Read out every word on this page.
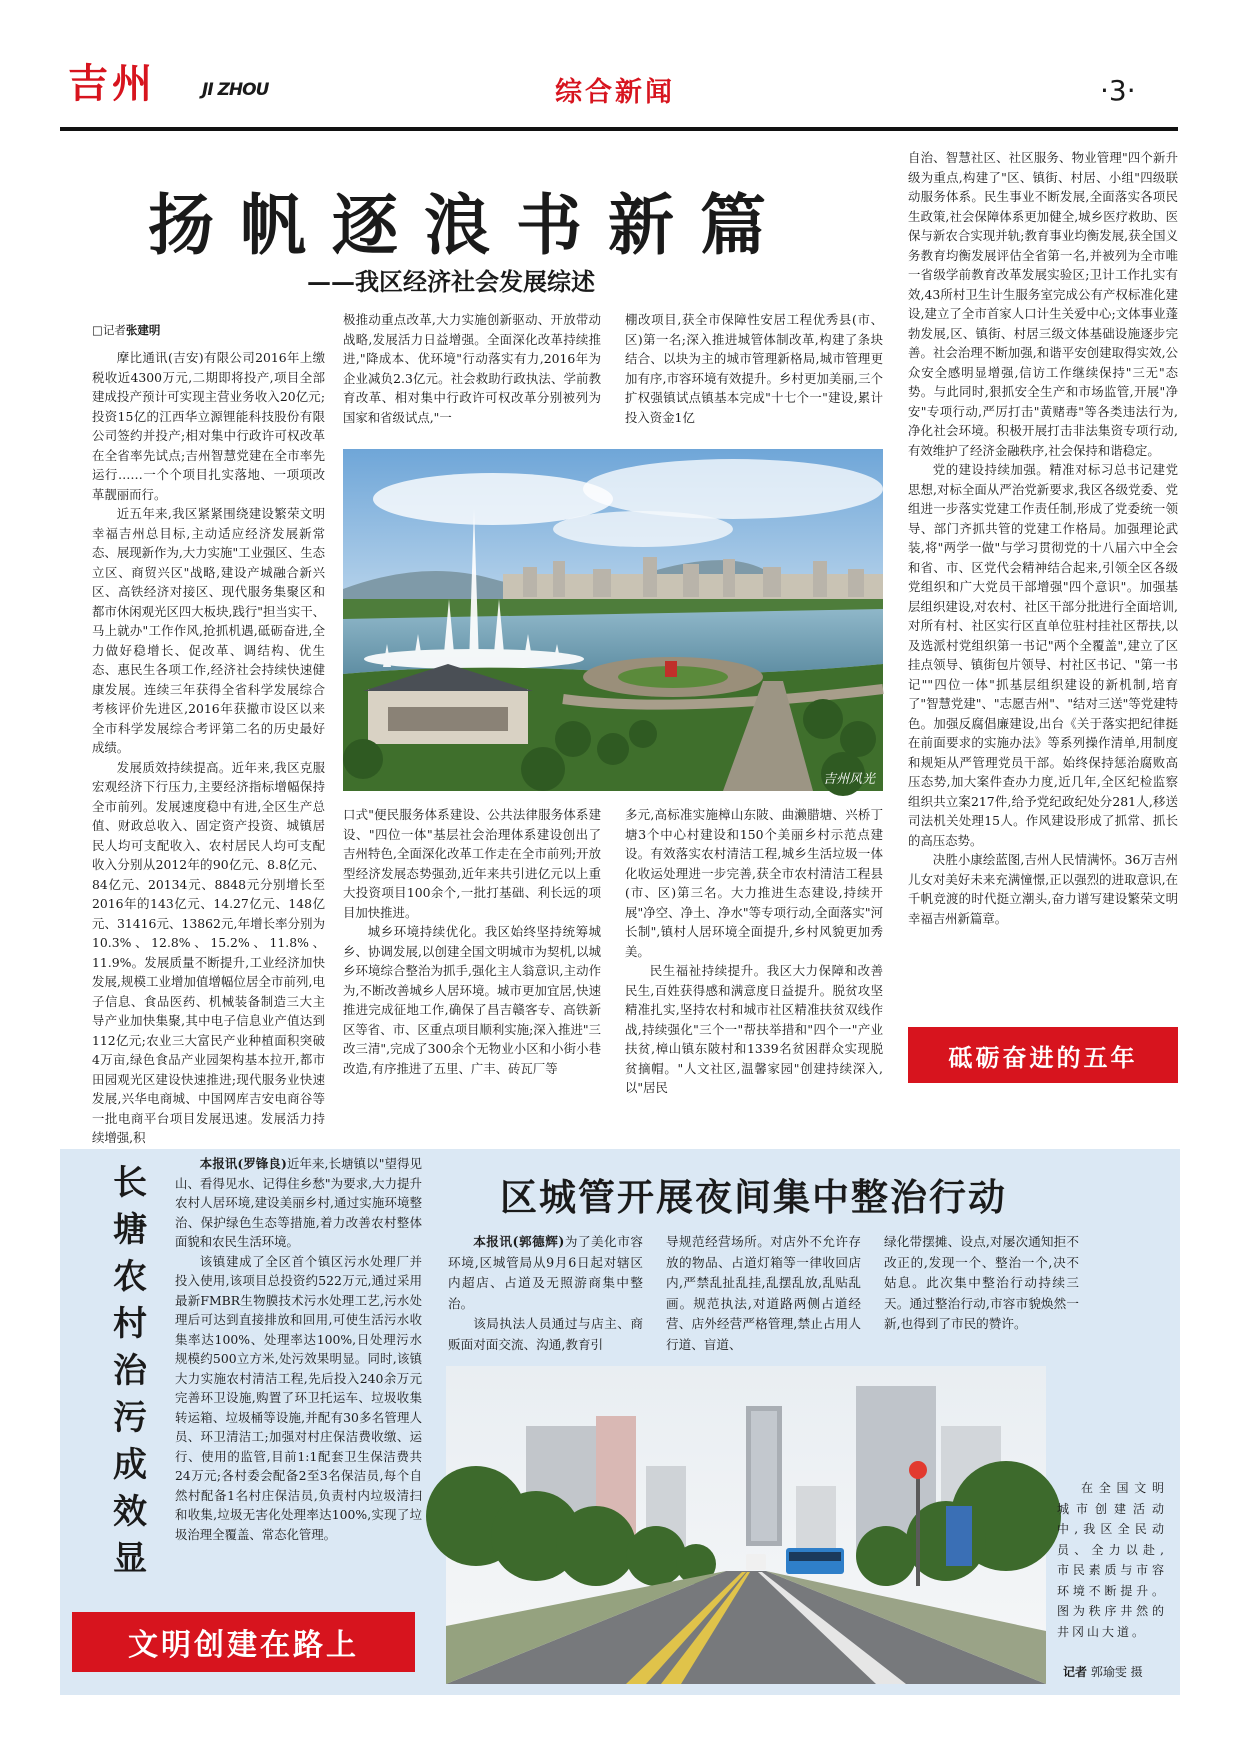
吉州	JI ZHOU	综合新闻	·3·
扬帆逐浪书新篇
——我区经济社会发展综述
□记者张建明

摩比通讯(吉安)有限公司2016年上缴税收近4300万元,二期即将投产,项目全部建成投产预计可实现主营业务收入20亿元;投资15亿的江西华立源锂能科技股份有限公司签约并投产;相对集中行政许可权改革在全省率先试点;吉州智慧党建在全市率先运行……一个个项目扎实落地、一项项改革靓丽而行。

近五年来,我区紧紧围绕建设繁荣文明幸福吉州总目标,主动适应经济发展新常态、展现新作为,大力实施"工业强区、生态立区、商贸兴区"战略,建设产城融合新兴区、高铁经济对接区、现代服务集聚区和都市休闲观光区四大板块,践行"担当实干、马上就办"工作作风,抢抓机遇,砥砺奋进,全力做好稳增长、促改革、调结构、优生态、惠民生各项工作,经济社会持续快速健康发展。连续三年获得全省科学发展综合考核评价先进区,2016年获撤市设区以来全市科学发展综合考评第二名的历史最好成绩。

发展质效持续提高。近年来,我区克服宏观经济下行压力,主要经济指标增幅保持全市前列。发展速度稳中有进,全区生产总值、财政总收入、固定资产投资、城镇居民人均可支配收入、农村居民人均可支配收入分别从2012年的90亿元、8.8亿元、84亿元、20134元、8848元分别增长至2016年的143亿元、14.27亿元、148亿元、31416元、13862元,年增长率分别为10.3%、12.8%、15.2%、11.8%、11.9%。发展质量不断提升,工业经济加快发展,规模工业增加值增幅位居全市前列,电子信息、食品医药、机械装备制造三大主导产业加快集聚,其中电子信息业产值达到112亿元;农业三大富民产业种植面积突破4万亩,绿色食品产业园架构基本拉开,都市田园观光区建设快速推进;现代服务业快速发展,兴华电商城、中国网库吉安电商谷等一批电商平台项目发展迅速。发展活力持续增强,积

极推动重点改革,大力实施创新驱动、开放带动战略,发展活力日益增强。全面深化改革持续推进,"降成本、优环境"行动落实有力,2016年为企业减负2.3亿元。社会救助行政执法、学前教育改革、相对集中行政许可权改革分别被列为国家和省级试点,"一

棚改项目,获全市保障性安居工程优秀县(市、区)第一名;深入推进城管体制改革,构建了条块结合、以块为主的城市管理新格局,城市管理更加有序,市容环境有效提升。乡村更加美丽,三个扩权强镇试点镇基本完成"十七个一"建设,累计投入资金1亿

吉州风光

口式"便民服务体系建设、公共法律服务体系建设、"四位一体"基层社会治理体系建设创出了吉州特色,全面深化改革工作走在全市前列;开放型经济发展态势强劲,近年来共引进亿元以上重大投资项目100余个,一批打基础、利长远的项目加快推进。

城乡环境持续优化。我区始终坚持统筹城乡、协调发展,以创建全国文明城市为契机,以城乡环境综合整治为抓手,强化主人翁意识,主动作为,不断改善城乡人居环境。城市更加宜居,快速推进完成征地工作,确保了昌吉赣客专、高铁新区等省、市、区重点项目顺利实施;深入推进"三改三清",完成了300余个无物业小区和小街小巷改造,有序推进了五里、广丰、砖瓦厂等

多元,高标准实施樟山东陂、曲濑腊塘、兴桥丁塘3个中心村建设和150个美丽乡村示范点建设。有效落实农村清洁工程,城乡生活垃圾一体化收运处理进一步完善,获全市农村清洁工程县(市、区)第三名。大力推进生态建设,持续开展"净空、净土、净水"等专项行动,全面落实"河长制",镇村人居环境全面提升,乡村风貌更加秀美。

民生福祉持续提升。我区大力保障和改善民生,百姓获得感和满意度日益提升。脱贫攻坚精准扎实,坚持农村和城市社区精准扶贫双线作战,持续强化"三个一"帮扶举措和"四个一"产业扶贫,樟山镇东陂村和1339名贫困群众实现脱贫摘帽。"人文社区,温馨家园"创建持续深入,以"居民

自治、智慧社区、社区服务、物业管理"四个新升级为重点,构建了"区、镇街、村居、小组"四级联动服务体系。民生事业不断发展,全面落实各项民生政策,社会保障体系更加健全,城乡医疗救助、医保与新农合实现并轨;教育事业均衡发展,获全国义务教育均衡发展评估全省第一名,并被列为全市唯一省级学前教育改革发展实验区;卫计工作扎实有效,43所村卫生计生服务室完成公有产权标准化建设,建立了全市首家人口计生关爱中心;文体事业蓬勃发展,区、镇街、村居三级文体基础设施逐步完善。社会治理不断加强,和谐平安创建取得实效,公众安全感明显增强,信访工作继续保持"三无"态势。与此同时,狠抓安全生产和市场监管,开展"净安"专项行动,严厉打击"黄赌毒"等各类违法行为,净化社会环境。积极开展打击非法集资专项行动,有效维护了经济金融秩序,社会保持和谐稳定。

党的建设持续加强。精准对标习总书记建党思想,对标全面从严治党新要求,我区各级党委、党组进一步落实党建工作责任制,形成了党委统一领导、部门齐抓共管的党建工作格局。加强理论武装,将"两学一做"与学习贯彻党的十八届六中全会和省、市、区党代会精神结合起来,引领全区各级党组织和广大党员干部增强"四个意识"。加强基层组织建设,对农村、社区干部分批进行全面培训,对所有村、社区实行区直单位驻村挂社区帮扶,以及选派村党组织第一书记"两个全覆盖",建立了区挂点领导、镇街包片领导、村社区书记、"第一书记""四位一体"抓基层组织建设的新机制,培育了"智慧党建"、"志愿吉州"、"结对三送"等党建特色。加强反腐倡廉建设,出台《关于落实把纪律挺在前面要求的实施办法》等系列操作清单,用制度和规矩从严管理党员干部。始终保持惩治腐败高压态势,加大案件查办力度,近几年,全区纪检监察组织共立案217件,给予党纪政纪处分281人,移送司法机关处理15人。作风建设形成了抓常、抓长的高压态势。

决胜小康绘蓝图,吉州人民情满怀。36万吉州儿女对美好未来充满憧憬,正以强烈的进取意识,在千帆竞渡的时代挺立潮头,奋力谱写建设繁荣文明幸福吉州新篇章。

砥砺奋进的五年
长塘农村治污成效显

本报讯(罗锋良)近年来,长塘镇以"望得见山、看得见水、记得住乡愁"为要求,大力提升农村人居环境,建设美丽乡村,通过实施环境整治、保护绿色生态等措施,着力改善农村整体面貌和农民生活环境。

该镇建成了全区首个镇区污水处理厂并投入使用,该项目总投资约522万元,通过采用最新FMBR生物膜技术污水处理工艺,污水处理后可达到直接排放和回用,可使生活污水收集率达100%、处理率达100%,日处理污水规模约500立方米,处污效果明显。同时,该镇大力实施农村清洁工程,先后投入240余万元完善环卫设施,购置了环卫托运车、垃圾收集转运箱、垃圾桶等设施,并配有30多名管理人员、环卫清洁工;加强对村庄保洁费收缴、运行、使用的监管,目前1:1配套卫生保洁费共24万元;各村委会配备2至3名保洁员,每个自然村配备1名村庄保洁员,负责村内垃圾清扫和收集,垃圾无害化处理率达100%,实现了垃圾治理全覆盖、常态化管理。

文明创建在路上
区城管开展夜间集中整治行动

本报讯(郭德辉)为了美化市容环境,区城管局从9月6日起对辖区内超店、占道及无照游商集中整治。

该局执法人员通过与店主、商贩面对面交流、沟通,教育引

导规范经营场所。对店外不允许存放的物品、占道灯箱等一律收回店内,严禁乱扯乱挂,乱摆乱放,乱贴乱画。规范执法,对道路两侧占道经营、店外经营严格管理,禁止占用人行道、盲道、

绿化带摆摊、设点,对屡次通知拒不改正的,发现一个、整治一个,决不姑息。此次集中整治行动持续三天。通过整治行动,市容市貌焕然一新,也得到了市民的赞许。

在全国文明城市创建活动中,我区全民动员、全力以赴,市民素质与市容环境不断提升。图为秩序井然的井冈山大道。

记者 郭瑜雯 摄
